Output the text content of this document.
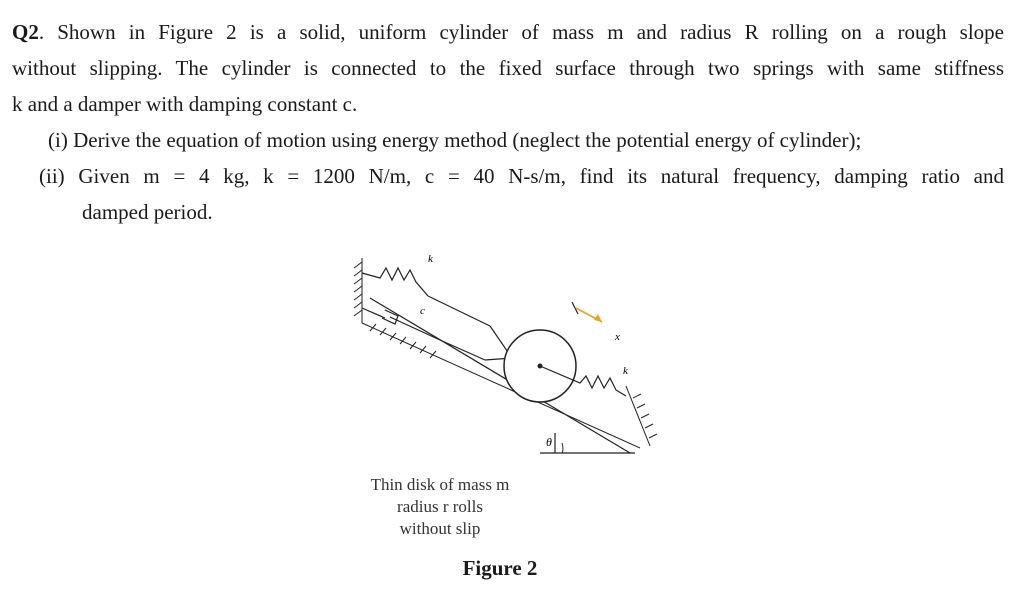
Q2. Shown in Figure 2 is a solid, uniform cylinder of mass m and radius R rolling on a rough slope

without slipping. The cylinder is connected to the fixed surface through two springs with same stiffness

k and a damper with damping constant c.

(i) Derive the equation of motion using energy method (neglect the potential energy of cylinder);

(ii) Given m = 4 kg, k = 1200 N/m, c = 40 N-s/m, find its natural frequency, damping ratio and

damped period.

k
c
k
x
θ
Thin disk of mass m
radius r rolls
without slip
Figure 2
